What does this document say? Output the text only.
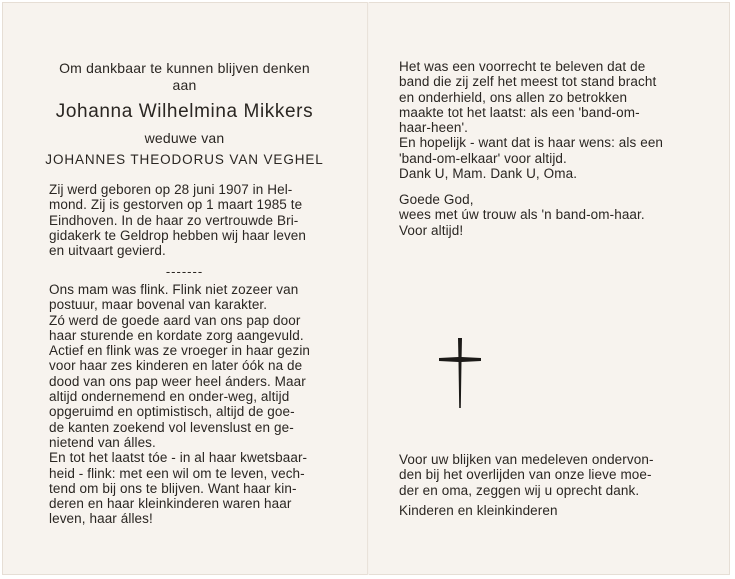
Om dankbaar te kunnen blijven denken
aan
Johanna Wilhelmina Mikkers
weduwe van
JOHANNES THEODORUS VAN VEGHEL

Zij werd geboren op 28 juni 1907 in Hel-
mond. Zij is gestorven op 1 maart 1985 te
Eindhoven. In de haar zo vertrouwde Bri-
gidakerk te Geldrop hebben wij haar leven
en uitvaart gevierd.

-------

Ons mam was flink. Flink niet zozeer van
postuur, maar bovenal van karakter.
Zó werd de goede aard van ons pap door
haar sturende en kordate zorg aangevuld.
Actief en flink was ze vroeger in haar gezin
voor haar zes kinderen en later óók na de
dood van ons pap weer heel ánders. Maar
altijd ondernemend en onder-weg, altijd
opgeruimd en optimistisch, altijd de goe-
de kanten zoekend vol levenslust en ge-
nietend van álles.
En tot het laatst tóe - in al haar kwetsbaar-
heid - flink: met een wil om te leven, vech-
tend om bij ons te blijven. Want haar kin-
deren en haar kleinkinderen waren haar
leven, haar álles!

Het was een voorrecht te beleven dat de
band die zij zelf het meest tot stand bracht
en onderhield, ons allen zo betrokken
maakte tot het laatst: als een 'band-om-
haar-heen'.
En hopelijk - want dat is haar wens: als een
'band-om-elkaar' voor altijd.
Dank U, Mam. Dank U, Oma.

Goede God,
wees met úw trouw als 'n band-om-haar.
Voor altijd!

Voor uw blijken van medeleven ondervon-
den bij het overlijden van onze lieve moe-
der en oma, zeggen wij u oprecht dank.

Kinderen en kleinkinderen
